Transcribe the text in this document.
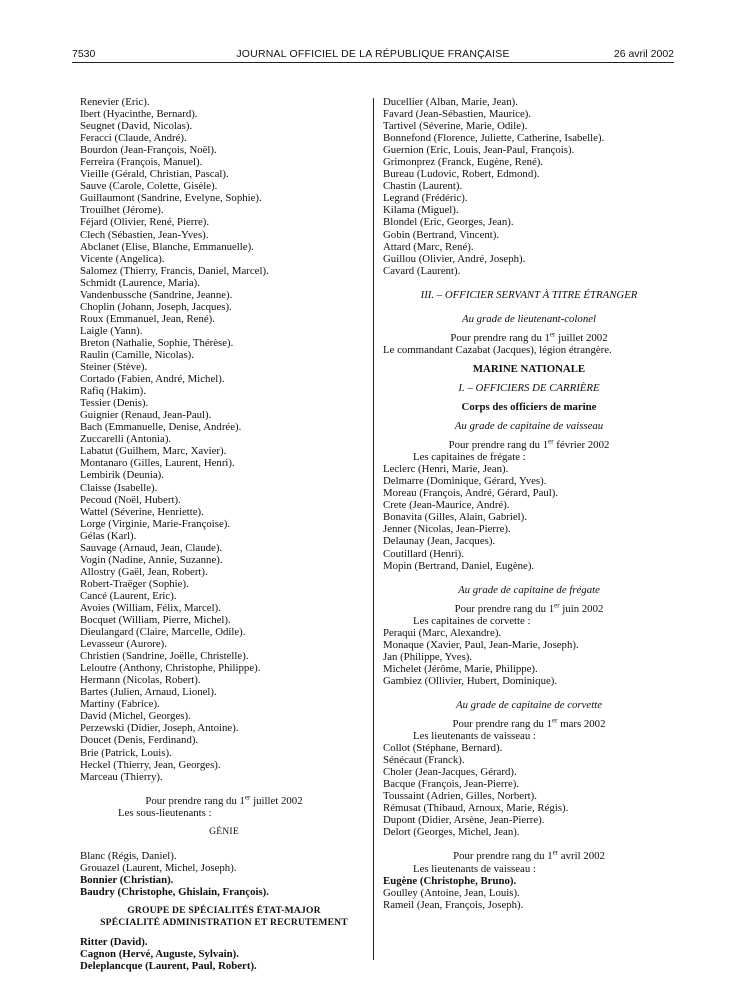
7530	JOURNAL OFFICIEL DE LA RÉPUBLIQUE FRANÇAISE	26 avril 2002
Renevier (Eric).
Ibert (Hyacinthe, Bernard).
Seugnet (David, Nicolas).
Feracci (Claude, André).
Bourdon (Jean-François, Noël).
Ferreira (François, Manuel).
Vieille (Gérald, Christian, Pascal).
Sauve (Carole, Colette, Gisèle).
Guillaumont (Sandrine, Evelyne, Sophie).
Trouilhet (Jérome).
Féjard (Olivier, René, Pierre).
Clech (Sébastien, Jean-Yves).
Abclanet (Elise, Blanche, Emmanuelle).
Vicente (Angelica).
Salomez (Thierry, Francis, Daniel, Marcel).
Schmidt (Laurence, Maria).
Vandenbussche (Sandrine, Jeanne).
Choplin (Johann, Joseph, Jacques).
Roux (Emmanuel, Jean, René).
Laigle (Yann).
Breton (Nathalie, Sophie, Thérèse).
Raulin (Camille, Nicolas).
Steiner (Stève).
Cortado (Fabien, André, Michel).
Rafiq (Hakim).
Tessier (Denis).
Guignier (Renaud, Jean-Paul).
Bach (Emmanuelle, Denise, Andrée).
Zuccarelli (Antonia).
Labatut (Guilhem, Marc, Xavier).
Montanaro (Gilles, Laurent, Henri).
Lembirik (Deunia).
Claisse (Isabelle).
Pecoud (Noël, Hubert).
Wattel (Séverine, Henriette).
Lorge (Virginie, Marie-Françoise).
Gélas (Karl).
Sauvage (Arnaud, Jean, Claude).
Vogin (Nadine, Annie, Suzanne).
Allostry (Gaël, Jean, Robert).
Robert-Traëger (Sophie).
Cancé (Laurent, Eric).
Avoies (William, Félix, Marcel).
Bocquet (William, Pierre, Michel).
Dieulangard (Claire, Marcelle, Odile).
Levasseur (Aurore).
Christien (Sandrine, Joëlle, Christelle).
Leloutre (Anthony, Christophe, Philippe).
Hermann (Nicolas, Robert).
Bartes (Julien, Arnaud, Lionel).
Martiny (Fabrice).
David (Michel, Georges).
Perzewski (Didier, Joseph, Antoine).
Doucet (Denis, Ferdinand).
Brie (Patrick, Louis).
Heckel (Thierry, Jean, Georges).
Marceau (Thierry).
Pour prendre rang du 1er juillet 2002
Les sous-lieutenants :
GÉNIE
Blanc (Régis, Daniel).
Grouazel (Laurent, Michel, Joseph).
Bonnier (Christian).
Baudry (Christophe, Ghislain, François).
GROUPE DE SPÉCIALITÉS ÉTAT-MAJOR
SPÉCIALITÉ ADMINISTRATION ET RECRUTEMENT
Ritter (David).
Cagnon (Hervé, Auguste, Sylvain).
Deleplancque (Laurent, Paul, Robert).
Ducellier (Alban, Marie, Jean).
Favard (Jean-Sébastien, Maurice).
Tartivel (Séverine, Marie, Odile).
Bonnefond (Florence, Juliette, Catherine, Isabelle).
Guernion (Eric, Louis, Jean-Paul, François).
Grimonprez (Franck, Eugène, René).
Bureau (Ludovic, Robert, Edmond).
Chastin (Laurent).
Legrand (Frédéric).
Kilama (Miguel).
Blondel (Eric, Georges, Jean).
Gobin (Bertrand, Vincent).
Attard (Marc, René).
Guillou (Olivier, André, Joseph).
Cavard (Laurent).
III. – OFFICIER SERVANT À TITRE ÉTRANGER
Au grade de lieutenant-colonel
Pour prendre rang du 1er juillet 2002
Le commandant Cazabat (Jacques), légion étrangère.
MARINE NATIONALE
I. – OFFICIERS DE CARRIÈRE
Corps des officiers de marine
Au grade de capitaine de vaisseau
Pour prendre rang du 1er février 2002
Les capitaines de frégate :
Leclerc (Henri, Marie, Jean).
Delmarre (Dominique, Gérard, Yves).
Moreau (François, André, Gérard, Paul).
Crete (Jean-Maurice, André).
Bonavita (Gilles, Alain, Gabriel).
Jenner (Nicolas, Jean-Pierre).
Delaunay (Jean, Jacques).
Coutillard (Henri).
Mopin (Bertrand, Daniel, Eugène).
Au grade de capitaine de frégate
Pour prendre rang du 1er juin 2002
Les capitaines de corvette :
Peraqui (Marc, Alexandre).
Monaque (Xavier, Paul, Jean-Marie, Joseph).
Jan (Philippe, Yves).
Michelet (Jérôme, Marie, Philippe).
Gambiez (Ollivier, Hubert, Dominique).
Au grade de capitaine de corvette
Pour prendre rang du 1er mars 2002
Les lieutenants de vaisseau :
Collot (Stéphane, Bernard).
Sénécaut (Franck).
Choler (Jean-Jacques, Gérard).
Bacque (François, Jean-Pierre).
Toussaint (Adrien, Gilles, Norbert).
Rémusat (Thibaud, Arnoux, Marie, Régis).
Dupont (Didier, Arsène, Jean-Pierre).
Delort (Georges, Michel, Jean).
Pour prendre rang du 1er avril 2002
Les lieutenants de vaisseau :
Eugène (Christophe, Bruno).
Goulley (Antoine, Jean, Louis).
Rameil (Jean, François, Joseph).
